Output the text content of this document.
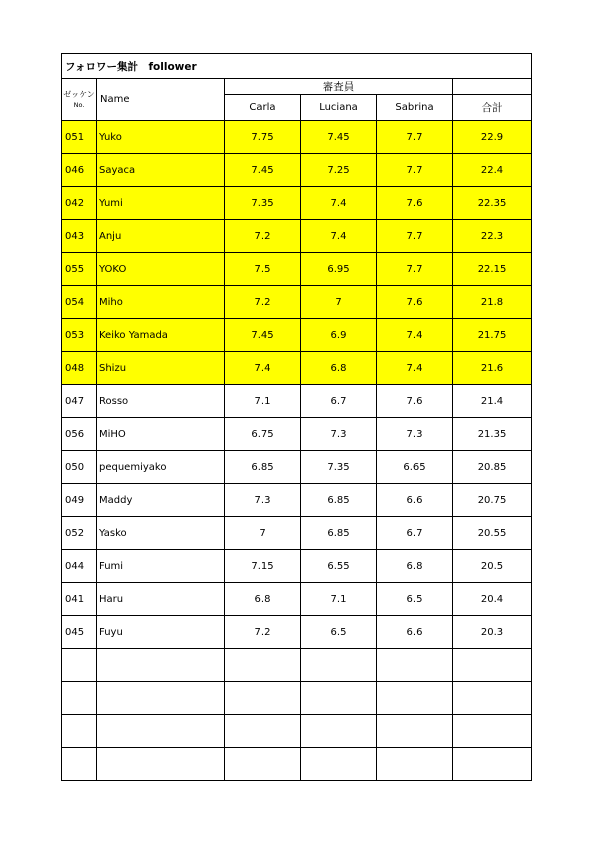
フォロワー集計　follower					
ゼッケン
No.	Name	審査員			
		Carla	Luciana	Sabrina	合計
051	Yuko	7.75	7.45	7.7	22.9
046	Sayaca	7.45	7.25	7.7	22.4
042	Yumi	7.35	7.4	7.6	22.35
043	Anju	7.2	7.4	7.7	22.3
055	YOKO	7.5	6.95	7.7	22.15
054	Miho	7.2	7	7.6	21.8
053	Keiko Yamada	7.45	6.9	7.4	21.75
048	Shizu	7.4	6.8	7.4	21.6
047	Rosso	7.1	6.7	7.6	21.4
056	MiHO	6.75	7.3	7.3	21.35
050	pequemiyako	6.85	7.35	6.65	20.85
049	Maddy	7.3	6.85	6.6	20.75
052	Yasko	7	6.85	6.7	20.55
044	Fumi	7.15	6.55	6.8	20.5
041	Haru	6.8	7.1	6.5	20.4
045	Fuyu	7.2	6.5	6.6	20.3
